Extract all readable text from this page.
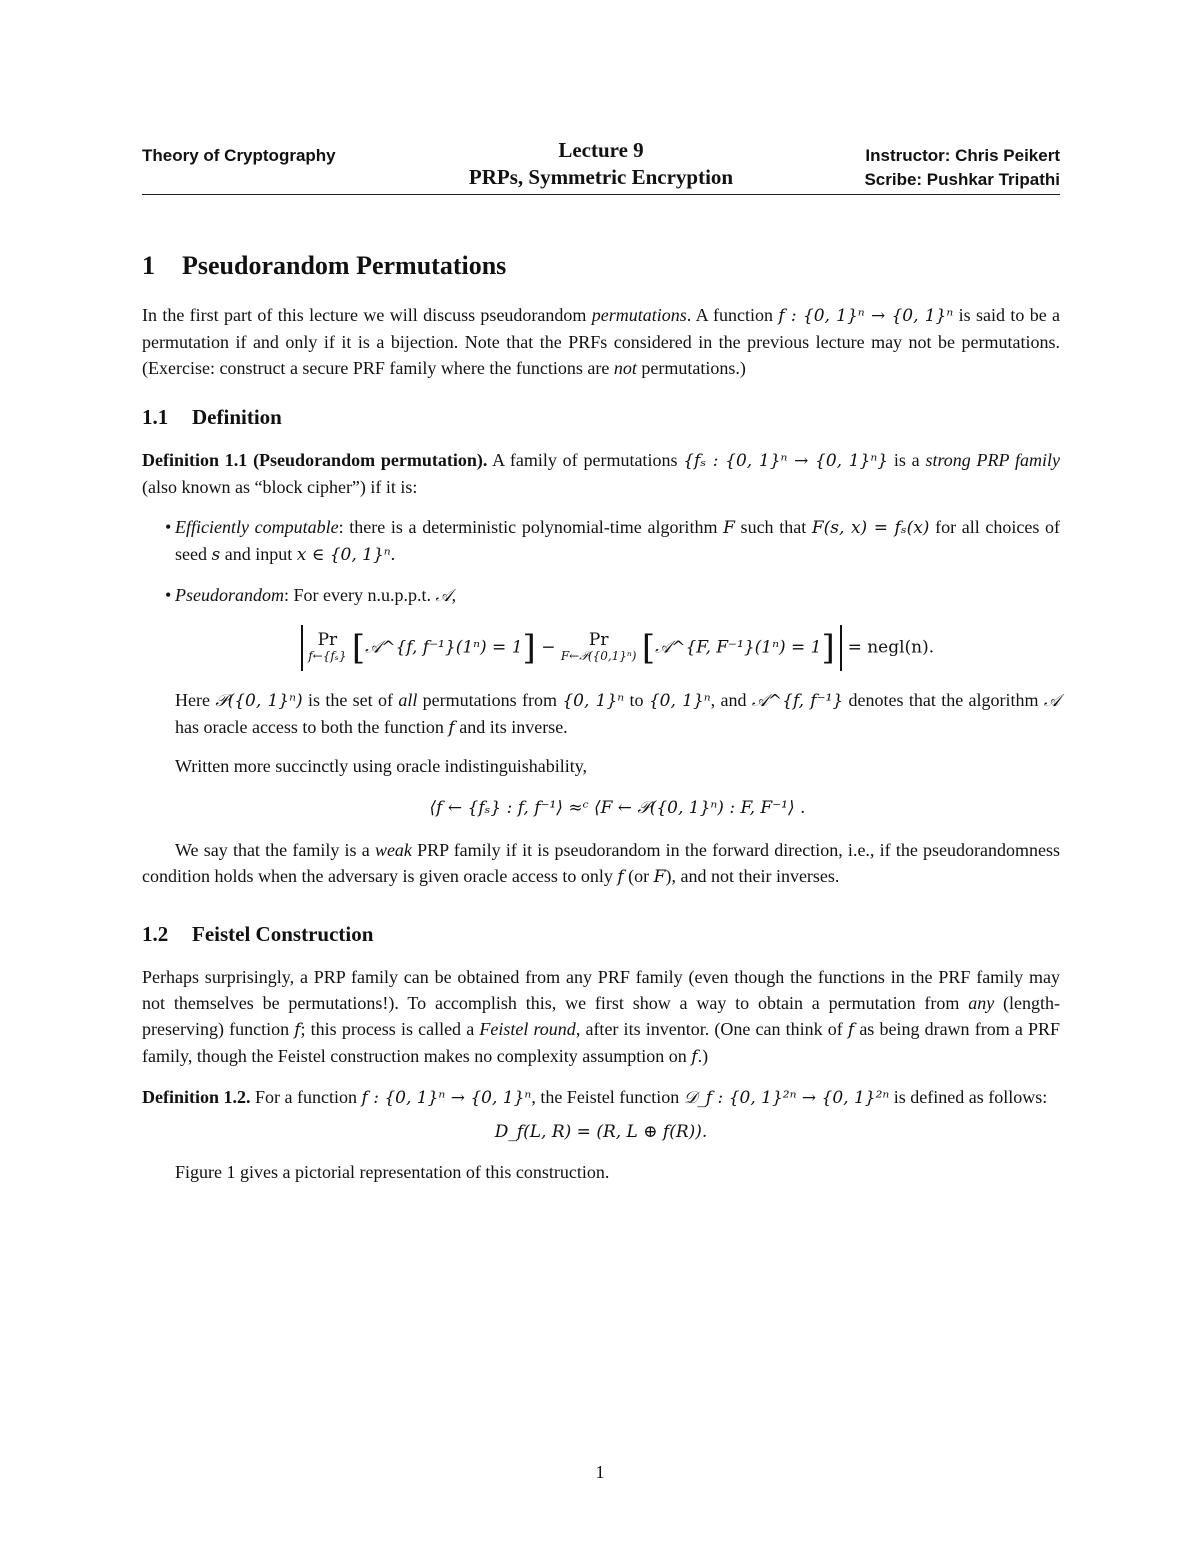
Theory of Cryptography	Lecture 9
PRPs, Symmetric Encryption
Instructor: Chris Peikert
Scribe: Pushkar Tripathi
1 Pseudorandom Permutations

In the first part of this lecture we will discuss pseudorandom permutations. A function f : {0, 1}ⁿ → {0, 1}ⁿ is said to be a permutation if and only if it is a bijection. Note that the PRFs considered in the previous lecture may not be permutations. (Exercise: construct a secure PRF family where the functions are not permutations.)

1.1 Definition

Definition 1.1 (Pseudorandom permutation). A family of permutations {fₛ : {0, 1}ⁿ → {0, 1}ⁿ} is a strong PRP family (also known as “block cipher”) if it is:

• Efficiently computable: there is a deterministic polynomial-time algorithm F such that F(s, x) = fₛ(x) for all choices of seed s and input x ∈ {0, 1}ⁿ.
• Pseudorandom: For every n.u.p.p.t. 𝒜,
Pr
f←{fₛ} [𝒜^{f, f⁻¹}(1ⁿ) = 1] − Pr
F←𝒫({0,1}ⁿ) [𝒜^{F, F⁻¹}(1ⁿ) = 1] = negl(n).

Here 𝒫({0, 1}ⁿ) is the set of all permutations from {0, 1}ⁿ to {0, 1}ⁿ, and 𝒜^{f, f⁻¹} denotes that the algorithm 𝒜 has oracle access to both the function f and its inverse.

Written more succinctly using oracle indistinguishability,

⟨f ← {fₛ} : f, f⁻¹⟩ ≈ᶜ ⟨F ← 𝒫({0, 1}ⁿ) : F, F⁻¹⟩ .

We say that the family is a weak PRP family if it is pseudorandom in the forward direction, i.e., if the pseudorandomness condition holds when the adversary is given oracle access to only f (or F), and not their inverses.

1.2 Feistel Construction

Perhaps surprisingly, a PRP family can be obtained from any PRF family (even though the functions in the PRF family may not themselves be permutations!). To accomplish this, we first show a way to obtain a permutation from any (length-preserving) function f; this process is called a Feistel round, after its inventor. (One can think of f as being drawn from a PRF family, though the Feistel construction makes no complexity assumption on f.)

Definition 1.2. For a function f : {0, 1}ⁿ → {0, 1}ⁿ, the Feistel function 𝒟_f : {0, 1}²ⁿ → {0, 1}²ⁿ is defined as follows:

D_f(L, R) = (R, L ⊕ f(R)).

Figure 1 gives a pictorial representation of this construction.

1
